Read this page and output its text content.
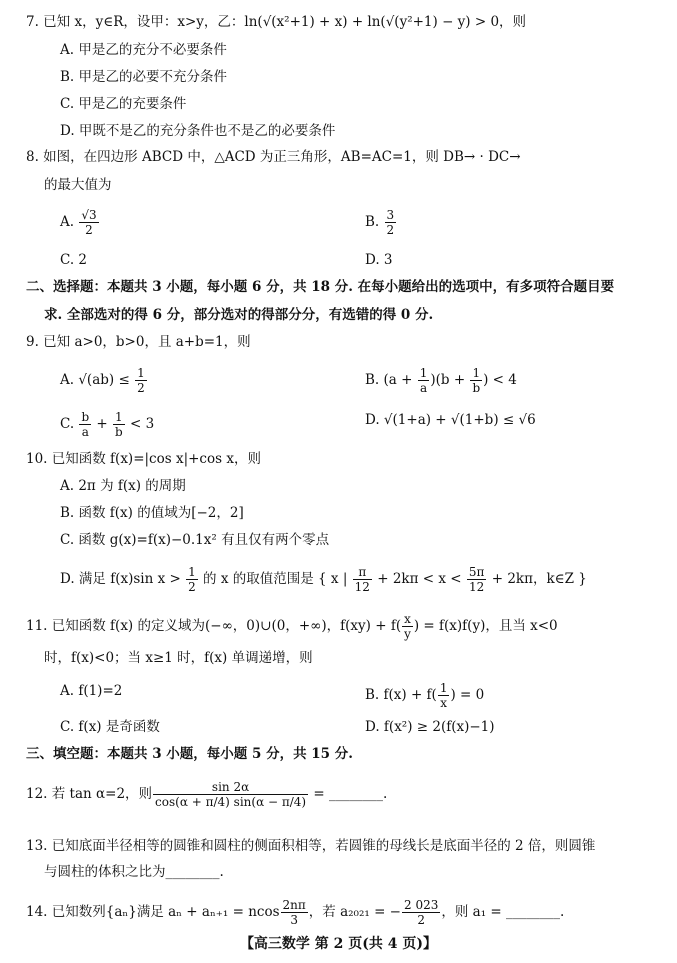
7. 已知 x，y∈R，设甲：x>y，乙：ln(√(x²+1) + x) + ln(√(y²+1) − y) > 0，则
A. 甲是乙的充分不必要条件
B. 甲是乙的必要不充分条件
C. 甲是乙的充要条件
D. 甲既不是乙的充分条件也不是乙的必要条件
8. 如图，在四边形 ABCD 中，△ACD 为正三角形，AB=AC=1，则 DB→ · DC→
的最大值为
A. $\frac{√3}{2}$	B. $\frac{3}{2}$
C. 2	D. 3
二、选择题：本题共 3 小题，每小题 6 分，共 18 分. 在每小题给出的选项中，有多项符合题目要
求. 全部选对的得 6 分，部分选对的得部分分，有选错的得 0 分.
9. 已知 a>0，b>0，且 a+b=1，则
A. $√(ab) \le \frac{1}{2}$	B. $(a + \frac{1}{a} )(b + \frac{1}{b}$ ) < 4
C. $\frac{b}{a} + \frac{1}{b} < 3$	D. √(1+a) + √(1+b) ≤ √6
10. 已知函数 f(x)=|cos x|+cos x，则
A. 2π 为 f(x) 的周期
B. 函数 f(x) 的值域为[−2，2]
C. 函数 g(x)=f(x)−0.1x² 有且仅有两个零点
D. 满足 f(x)sin $x > \frac{1}{2}$ 的 x 的取值范围是 { x | $\frac{\pi}{12} + 2k\pi < x < \frac{5\pi}{12} + 2k\pi$，k∈Z }
11. 已知函数 f(x) 的定义域为(−∞，0)∪(0，+∞)，$f(xy) + f( \frac{x}{y}$ ) = f(x)f(y)，且当 x<0
时，f(x)<0；当 x≥1 时，f(x) 单调递增，则
A. f(1)=2	B. $f(x) + f( \frac{1}{x}$ ) = 0
C. f(x) 是奇函数	D. f(x²) ≥ 2(f(x)−1)
三、填空题：本题共 3 小题，每小题 5 分，共 15 分.
12. 若 tan α=2，则 $\frac{\sin 2\alpha}{\cos(\alpha + \pi/4) \sin(\alpha - \pi/4)}$ = ________.
13. 已知底面半径相等的圆锥和圆柱的侧面积相等，若圆锥的母线长是底面半径的 2 倍，则圆锥
与圆柱的体积之比为________.
14. 已知数列{aₙ}满足 aₙ + aₙ₊₁ = ncos $\frac{2n\pi}{3}$ ，若 a₂₀₂₁ = − $\frac{2 023}{2}$ ，则 a₁ = ________.
【高三数学 第 2 页(共 4 页)】
